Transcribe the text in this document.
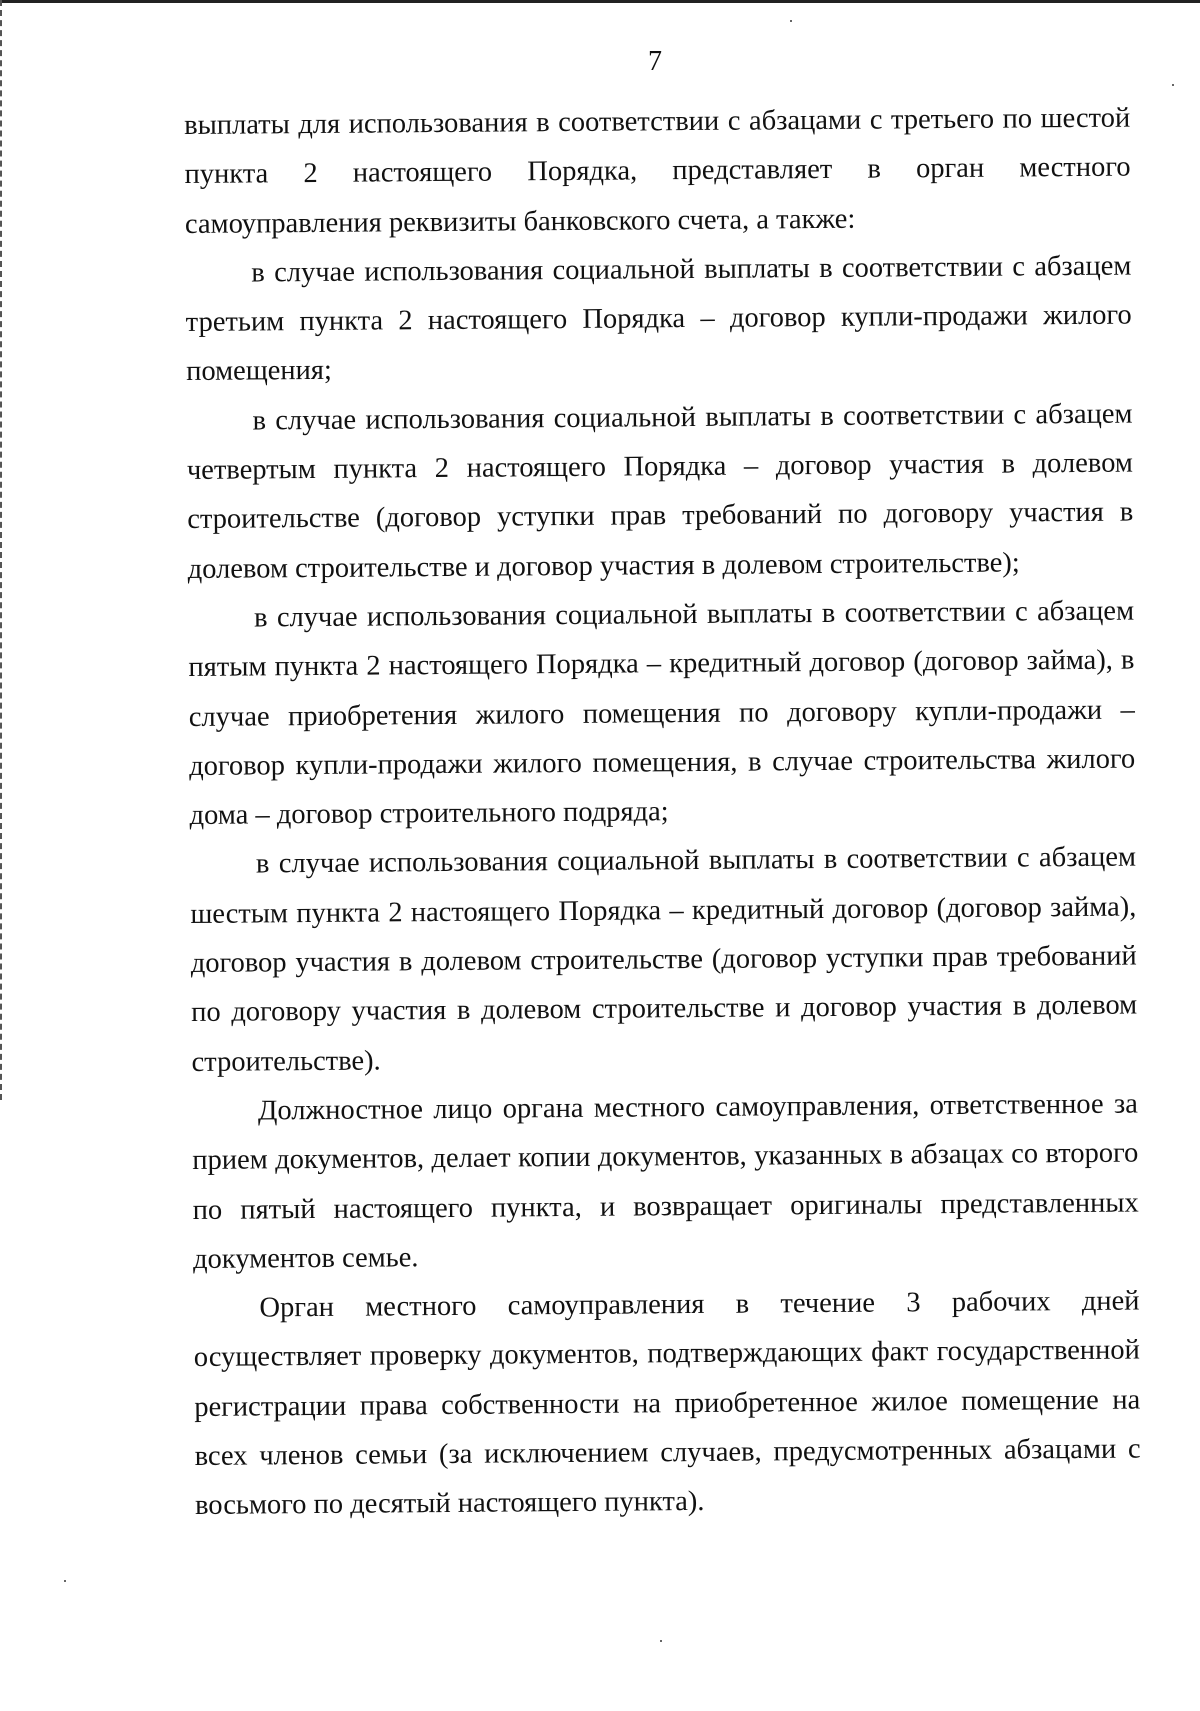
7
выплаты для использования в соответствии с абзацами с третьего по шестой
пункта 2 настоящего Порядка, представляет в орган местного
самоуправления реквизиты банковского счета, а также:
в случае использования социальной выплаты в соответствии с абзацем
третьим пункта 2 настоящего Порядка – договор купли-продажи жилого
помещения;
в случае использования социальной выплаты в соответствии с абзацем
четвертым пункта 2 настоящего Порядка – договор участия в долевом
строительстве (договор уступки прав требований по договору участия в
долевом строительстве и договор участия в долевом строительстве);
в случае использования социальной выплаты в соответствии с абзацем
пятым пункта 2 настоящего Порядка – кредитный договор (договор займа), в
случае приобретения жилого помещения по договору купли-продажи –
договор купли-продажи жилого помещения, в случае строительства жилого
дома – договор строительного подряда;
в случае использования социальной выплаты в соответствии с абзацем
шестым пункта 2 настоящего Порядка – кредитный договор (договор займа),
договор участия в долевом строительстве (договор уступки прав требований
по договору участия в долевом строительстве и договор участия в долевом
строительстве).
Должностное лицо органа местного самоуправления, ответственное за
прием документов, делает копии документов, указанных в абзацах со второго
по пятый настоящего пункта, и возвращает оригиналы представленных
документов семье.
Орган местного самоуправления в течение 3 рабочих дней
осуществляет проверку документов, подтверждающих факт государственной
регистрации права собственности на приобретенное жилое помещение на
всех членов семьи (за исключением случаев, предусмотренных абзацами с
восьмого по десятый настоящего пункта).
